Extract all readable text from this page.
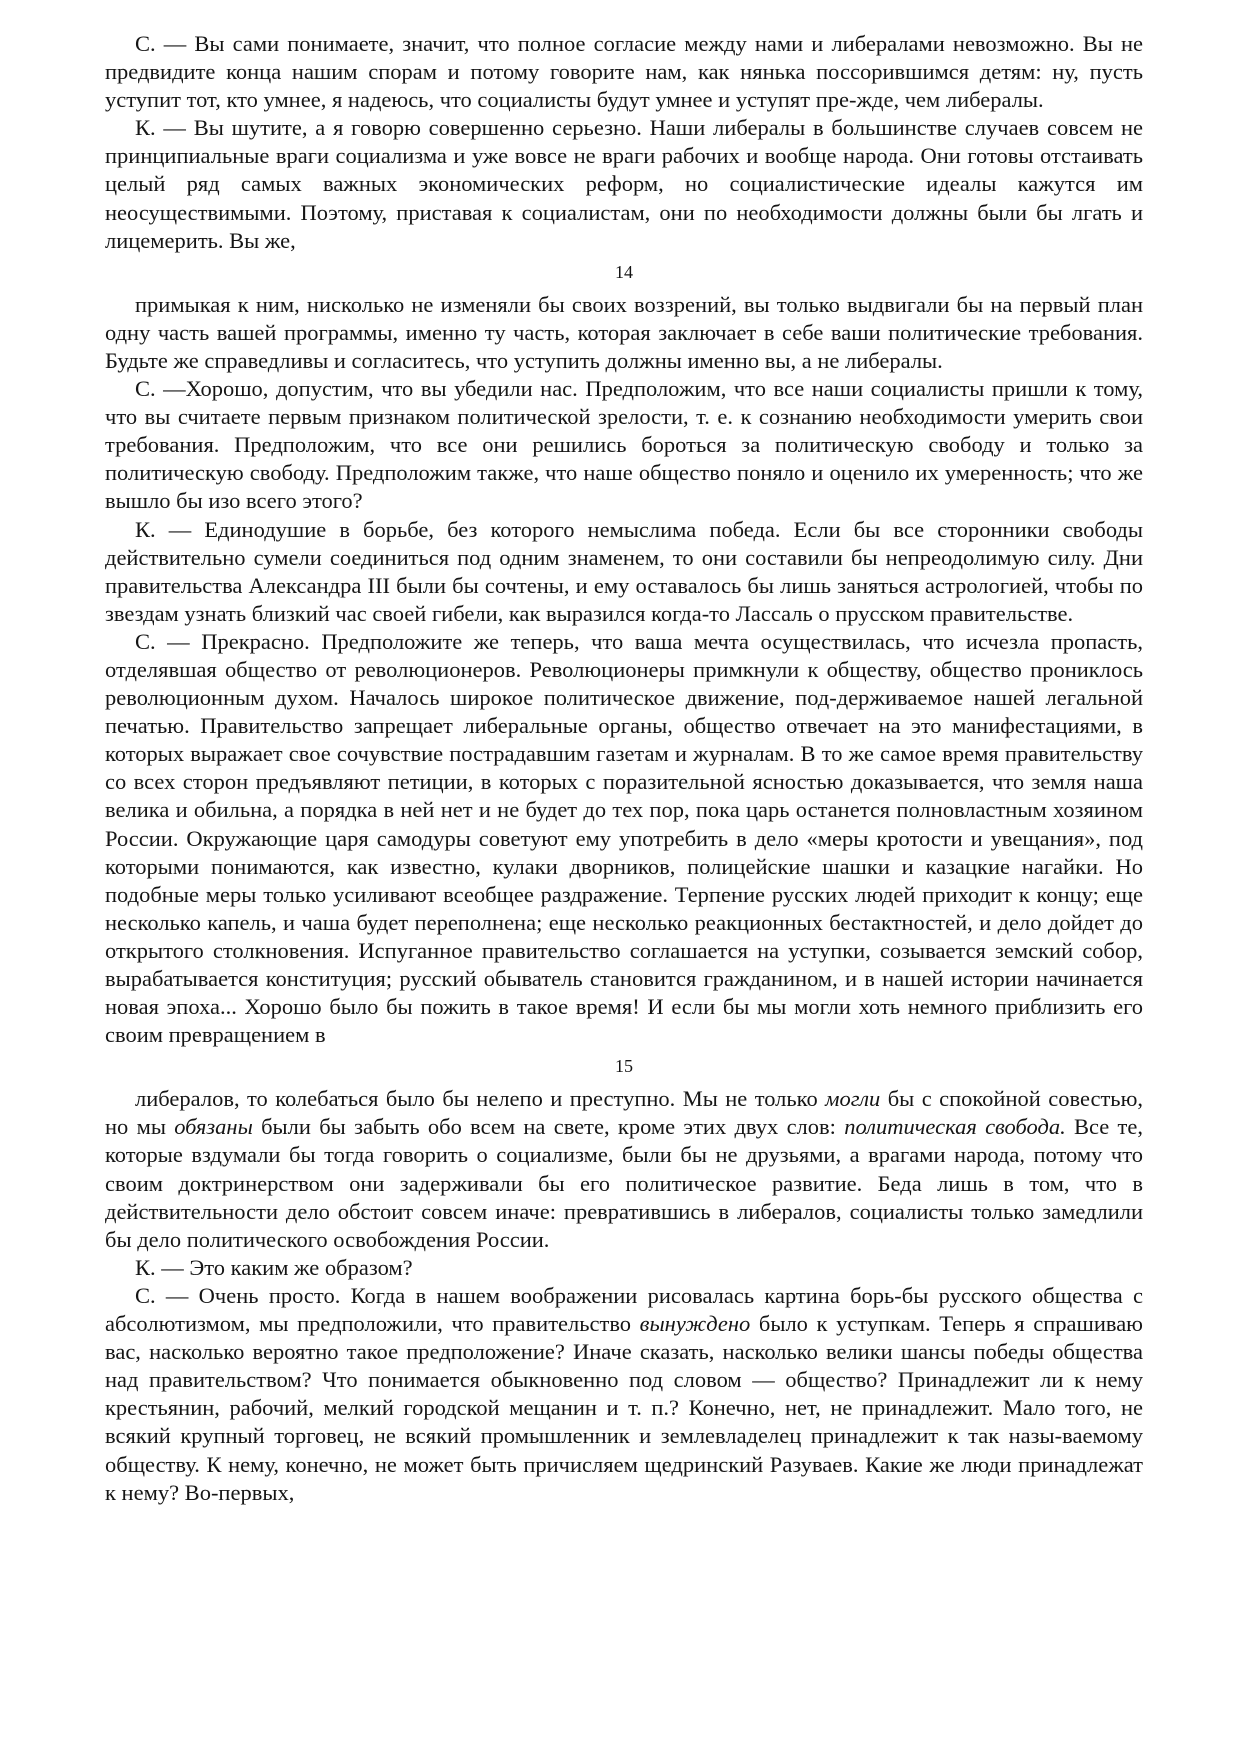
С. — Вы сами понимаете, значит, что полное согласие между нами и либералами невозможно. Вы не предвидите конца нашим спорам и потому говорите нам, как нянька поссорившимся детям: ну, пусть уступит тот, кто умнее, я надеюсь, что социалисты будут умнее и уступят пре-жде, чем либералы.

К. — Вы шутите, а я говорю совершенно серьезно. Наши либералы в большинстве случаев совсем не принципиальные враги социализма и уже вовсе не враги рабочих и вообще народа. Они готовы отстаивать целый ряд самых важных экономических реформ, но социалистические идеалы кажутся им неосуществимыми. Поэтому, приставая к социалистам, они по необходимости должны были бы лгать и лицемерить. Вы же,

14

примыкая к ним, нисколько не изменяли бы своих воззрений, вы только выдвигали бы на первый план одну часть вашей программы, именно ту часть, которая заключает в себе ваши политические требования. Будьте же справедливы и согласитесь, что уступить должны именно вы, а не либералы.

С. —Хорошо, допустим, что вы убедили нас. Предположим, что все наши социалисты пришли к тому, что вы считаете первым признаком политической зрелости, т. е. к сознанию необходимости умерить свои требования. Предположим, что все они решились бороться за политическую свободу и только за политическую свободу. Предположим также, что наше общество поняло и оценило их умеренность; что же вышло бы изо всего этого?

К. — Единодушие в борьбе, без которого немыслима победа. Если бы все сторонники свободы действительно сумели соединиться под одним знаменем, то они составили бы непреодолимую силу. Дни правительства Александра III были бы сочтены, и ему оставалось бы лишь заняться астрологией, чтобы по звездам узнать близкий час своей гибели, как выразился когда-то Лассаль о прусском правительстве.

С. — Прекрасно. Предположите же теперь, что ваша мечта осуществилась, что исчезла пропасть, отделявшая общество от революционеров. Революционеры примкнули к обществу, общество прониклось революционным духом. Началось широкое политическое движение, под-держиваемое нашей легальной печатью. Правительство запрещает либеральные органы, общество отвечает на это манифестациями, в которых выражает свое сочувствие пострадавшим газетам и журналам. В то же самое время правительству со всех сторон предъявляют петиции, в которых с поразительной ясностью доказывается, что земля наша велика и обильна, а порядка в ней нет и не будет до тех пор, пока царь останется полновластным хозяином России. Окружающие царя самодуры советуют ему употребить в дело «меры кротости и увещания», под которыми понимаются, как известно, кулаки дворников, полицейские шашки и казацкие нагайки. Но подобные меры только усиливают всеобщее раздражение. Терпение русских людей приходит к концу; еще несколько капель, и чаша будет переполнена; еще несколько реакционных бестактностей, и дело дойдет до открытого столкновения. Испуганное правительство соглашается на уступки, созывается земский собор, вырабатывается конституция; русский обыватель становится гражданином, и в нашей истории начинается новая эпоха... Хорошо было бы пожить в такое время! И если бы мы могли хоть немного приблизить его своим превращением в

15

либералов, то колебаться было бы нелепо и преступно. Мы не только могли бы с спокойной совестью, но мы обязаны были бы забыть обо всем на свете, кроме этих двух слов: политическая свобода. Все те, которые вздумали бы тогда говорить о социализме, были бы не друзьями, а врагами народа, потому что своим доктринерством они задерживали бы его политическое развитие. Беда лишь в том, что в действительности дело обстоит совсем иначе: превратившись в либералов, социалисты только замедлили бы дело политического освобождения России.

К. — Это каким же образом?

С. — Очень просто. Когда в нашем воображении рисовалась картина борь-бы русского общества с абсолютизмом, мы предположили, что правительство вынуждено было к уступкам. Теперь я спрашиваю вас, насколько вероятно такое предположение? Иначе сказать, насколько велики шансы победы общества над правительством? Что понимается обыкновенно под словом — общество? Принадлежит ли к нему крестьянин, рабочий, мелкий городской мещанин и т. п.? Конечно, нет, не принадлежит. Мало того, не всякий крупный торговец, не всякий промышленник и землевладелец принадлежит к так назы-ваемому обществу. К нему, конечно, не может быть причисляем щедринский Разуваев. Какие же люди принадлежат к нему? Во-первых,
